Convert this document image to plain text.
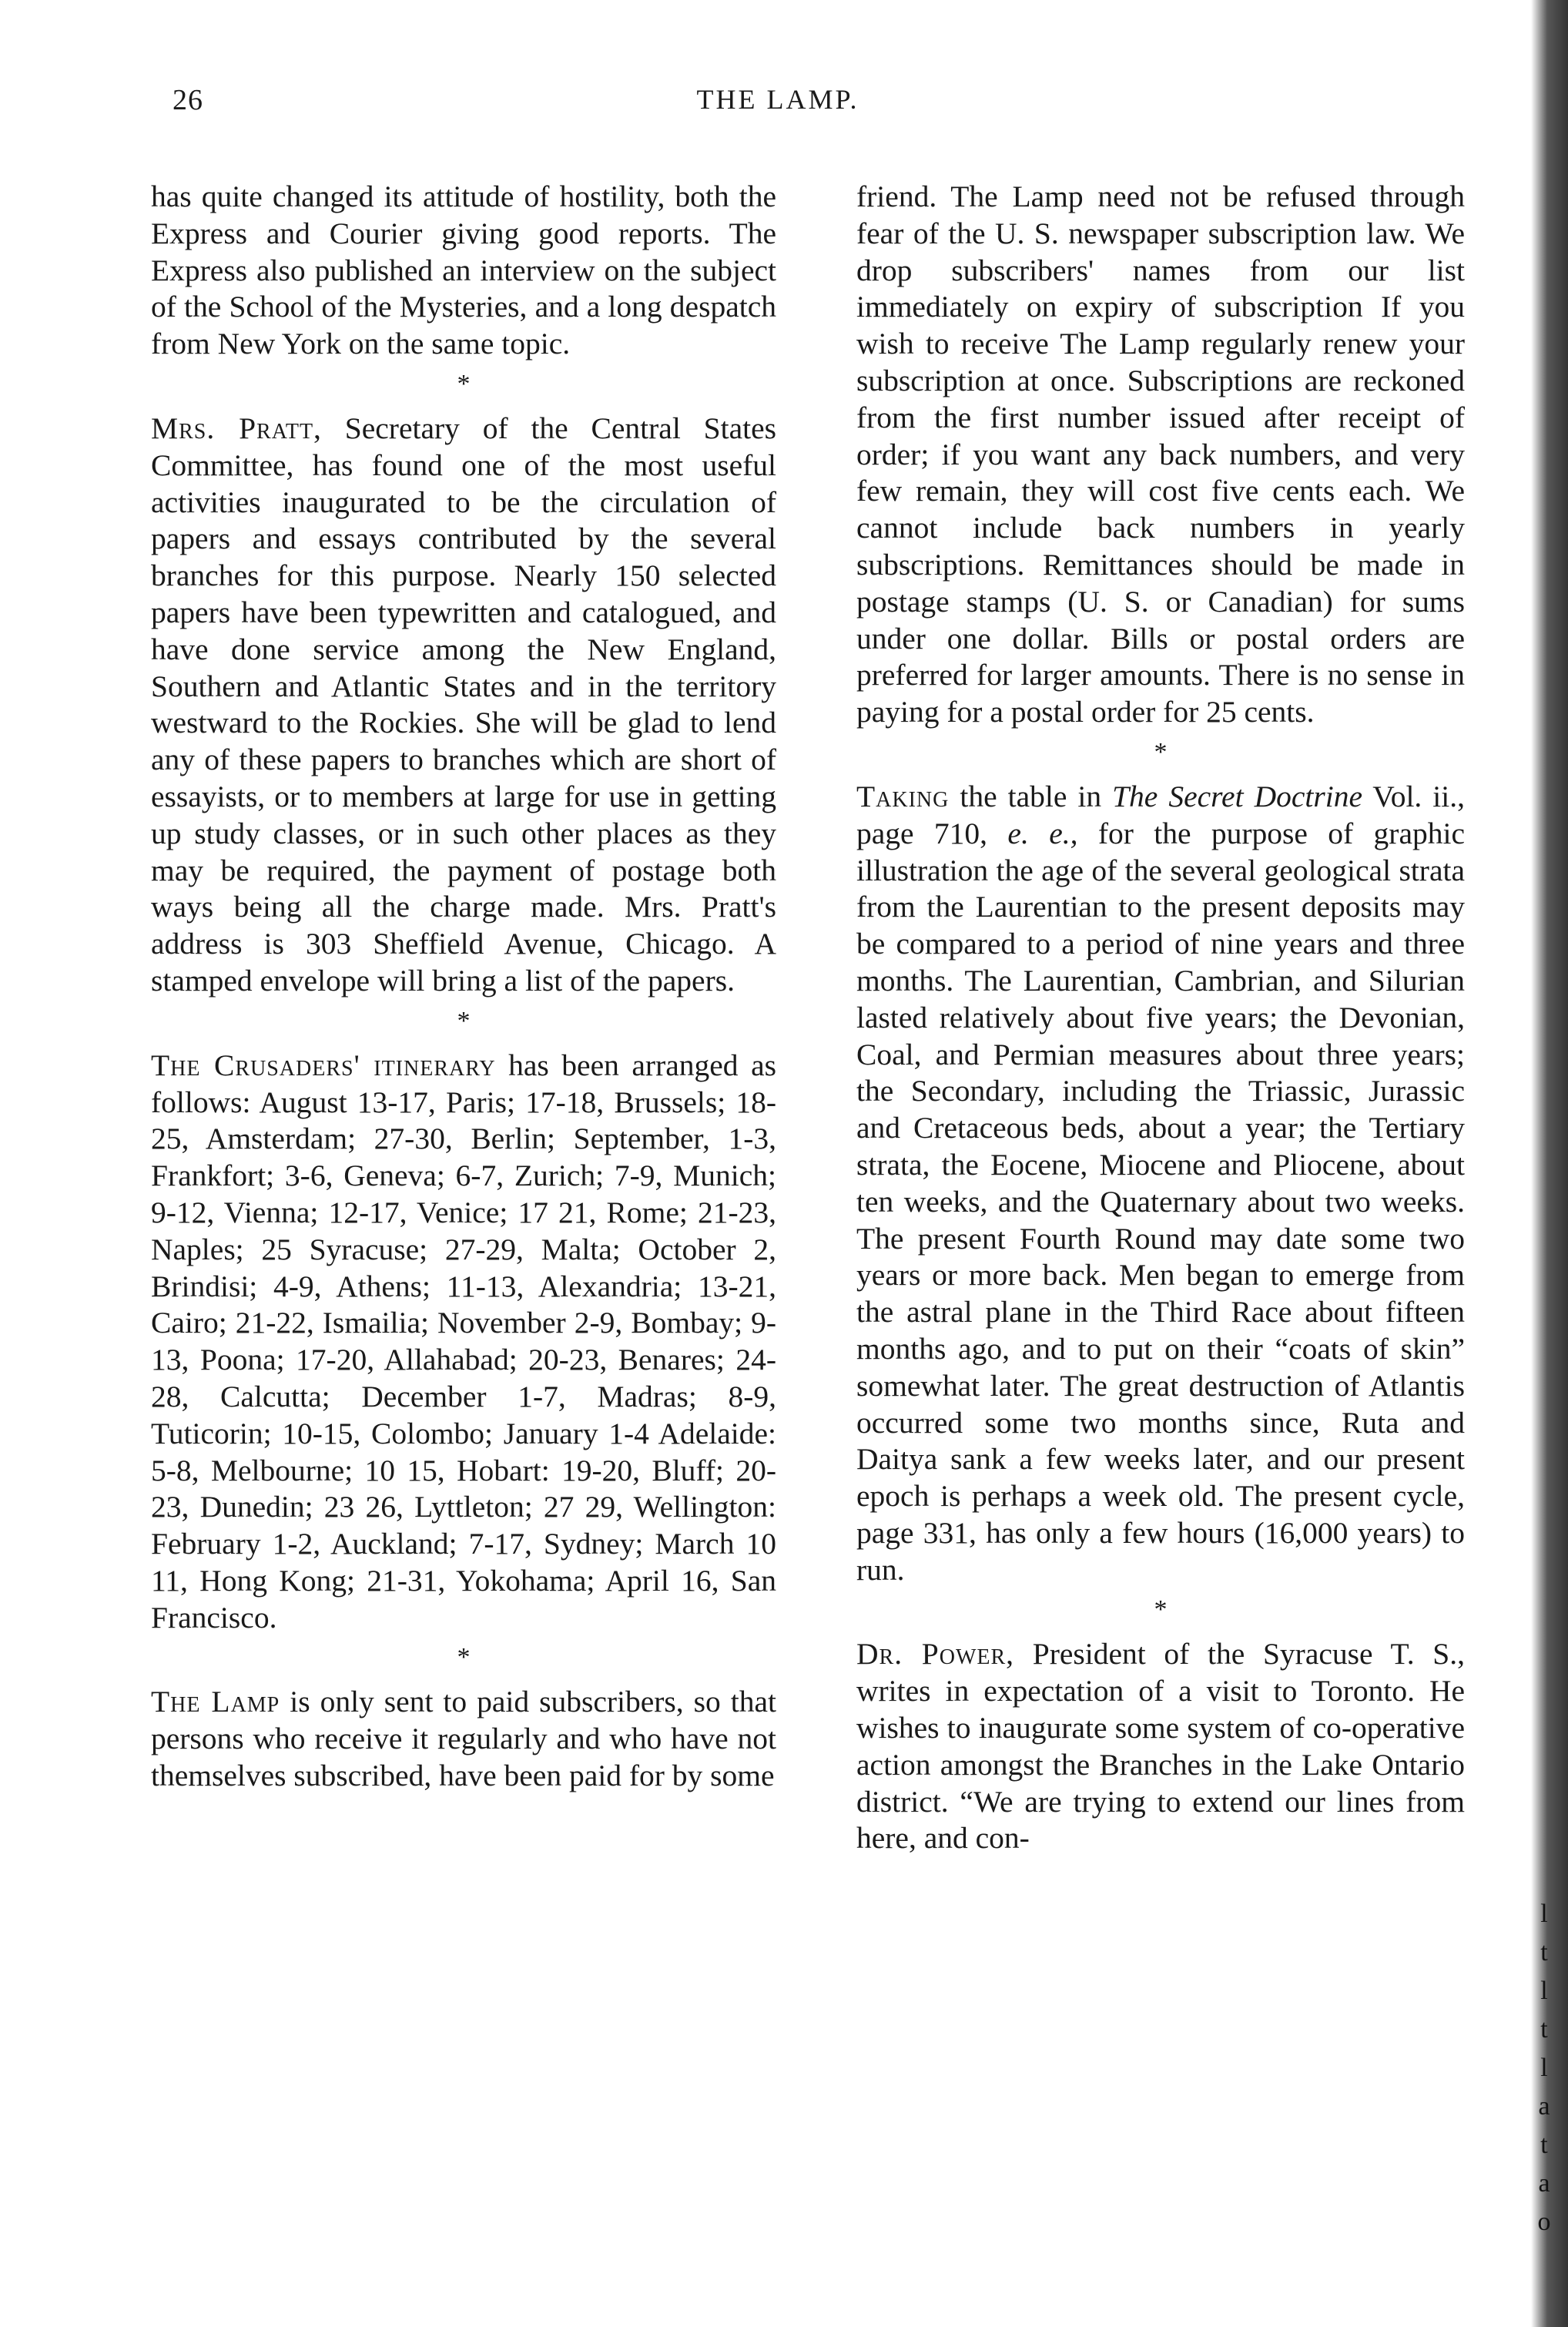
26	THE LAMP.

has quite changed its attitude of hostility, both the Express and Courier giving good reports. The Express also published an interview on the subject of the School of the Mysteries, and a long despatch from New York on the same topic.

*

Mrs. Pratt, Secretary of the Central States Committee, has found one of the most useful activities inaugurated to be the circulation of papers and essays contributed by the several branches for this purpose. Nearly 150 selected papers have been typewritten and catalogued, and have done service among the New England, Southern and Atlantic States and in the territory westward to the Rockies. She will be glad to lend any of these papers to branches which are short of essayists, or to members at large for use in getting up study classes, or in such other places as they may be required, the payment of postage both ways being all the charge made. Mrs. Pratt's address is 303 Sheffield Avenue, Chicago. A stamped envelope will bring a list of the papers.

*

The Crusaders' itinerary has been arranged as follows: August 13-17, Paris; 17-18, Brussels; 18-25, Amsterdam; 27-30, Berlin; September, 1-3, Frankfort; 3-6, Geneva; 6-7, Zurich; 7-9, Munich; 9-12, Vienna; 12-17, Venice; 17 21, Rome; 21-23, Naples; 25 Syracuse; 27-29, Malta; October 2, Brindisi; 4-9, Athens; 11-13, Alexandria; 13-21, Cairo; 21-22, Ismailia; November 2-9, Bombay; 9-13, Poona; 17-20, Allahabad; 20-23, Benares; 24-28, Calcutta; December 1-7, Madras; 8-9, Tuticorin; 10-15, Colombo; January 1-4 Adelaide: 5-8, Melbourne; 10 15, Hobart: 19-20, Bluff; 20-23, Dunedin; 23 26, Lyttleton; 27 29, Wellington: February 1-2, Auckland; 7-17, Sydney; March 10 11, Hong Kong; 21-31, Yokohama; April 16, San Francisco.

*

The Lamp is only sent to paid subscribers, so that persons who receive it regularly and who have not themselves subscribed, have been paid for by some

friend. The Lamp need not be refused through fear of the U. S. newspaper subscription law. We drop subscribers' names from our list immediately on expiry of subscription If you wish to receive The Lamp regularly renew your subscription at once. Subscriptions are reckoned from the first number issued after receipt of order; if you want any back numbers, and very few remain, they will cost five cents each. We cannot include back numbers in yearly subscriptions. Remittances should be made in postage stamps (U. S. or Canadian) for sums under one dollar. Bills or postal orders are preferred for larger amounts. There is no sense in paying for a postal order for 25 cents.

*

Taking the table in The Secret Doctrine Vol. ii., page 710, e. e., for the purpose of graphic illustration the age of the several geological strata from the Laurentian to the present deposits may be compared to a period of nine years and three months. The Laurentian, Cambrian, and Silurian lasted relatively about five years; the Devonian, Coal, and Permian measures about three years; the Secondary, including the Triassic, Jurassic and Cretaceous beds, about a year; the Tertiary strata, the Eocene, Miocene and Pliocene, about ten weeks, and the Quaternary about two weeks. The present Fourth Round may date some two years or more back. Men began to emerge from the astral plane in the Third Race about fifteen months ago, and to put on their “coats of skin” somewhat later. The great destruction of Atlantis occurred some two months since, Ruta and Daitya sank a few weeks later, and our present epoch is perhaps a week old. The present cycle, page 331, has only a few hours (16,000 years) to run.

*

Dr. Power, President of the Syracuse T. S., writes in expectation of a visit to Toronto. He wishes to inaugurate some system of co-operative action amongst the Branches in the Lake Ontario district. “We are trying to extend our lines from here, and con-

l
t
l
t
l
a
t
a
o
